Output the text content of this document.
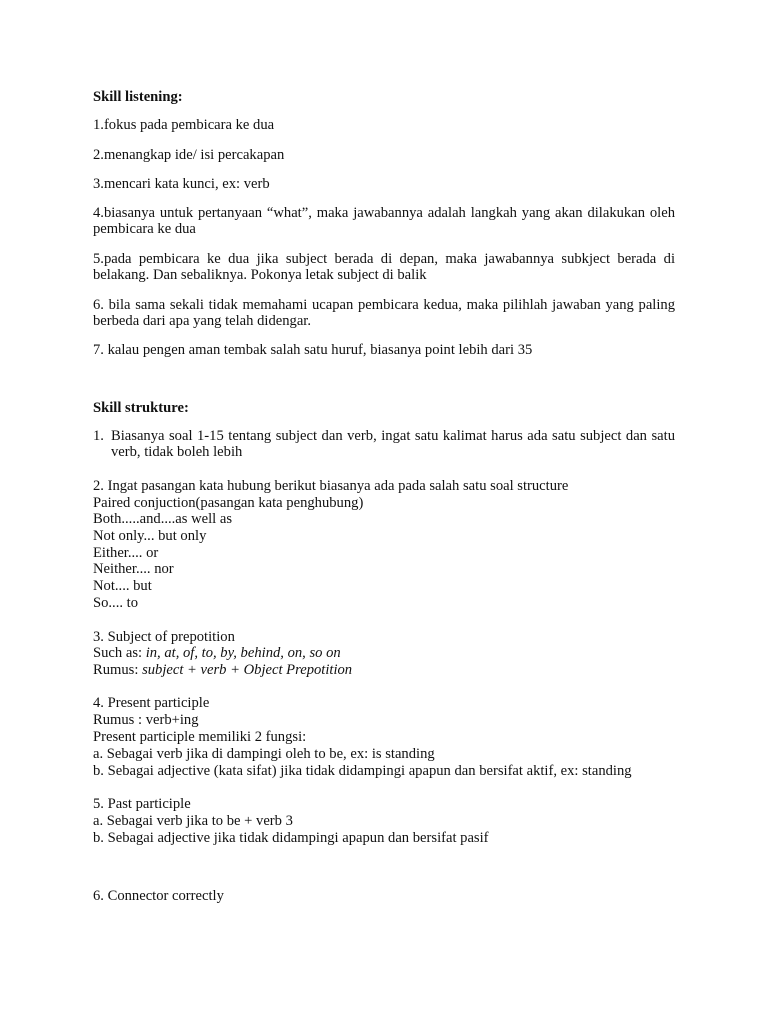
Skill listening:
1.fokus pada pembicara ke dua
2.menangkap ide/ isi percakapan
3.mencari kata kunci, ex: verb
4.biasanya untuk pertanyaan “what”, maka jawabannya adalah langkah yang akan dilakukan oleh pembicara ke dua
5.pada pembicara ke dua jika subject berada di depan, maka jawabannya subkject berada di belakang. Dan sebaliknya. Pokonya letak subject di balik
6. bila sama sekali tidak memahami ucapan pembicara kedua, maka pilihlah jawaban yang paling berbeda dari apa yang telah didengar.
7. kalau pengen aman tembak salah satu huruf, biasanya point lebih dari 35
Skill strukture:
1. Biasanya soal 1-15 tentang subject dan verb, ingat satu kalimat harus ada satu subject dan satu verb, tidak boleh lebih
2. Ingat pasangan kata hubung berikut biasanya ada pada salah satu soal structure
Paired conjuction(pasangan kata penghubung)
Both.....and....as well as
Not only... but only
Either.... or
Neither.... nor
Not.... but
So.... to
3. Subject of prepotition
Such as: in, at, of, to, by, behind, on, so on
Rumus: subject + verb + Object Prepotition
4. Present participle
Rumus : verb+ing
Present participle memiliki 2 fungsi:
a. Sebagai verb jika di dampingi oleh to be, ex: is standing
b. Sebagai adjective (kata sifat) jika tidak didampingi apapun dan bersifat aktif, ex: standing
5. Past participle
a. Sebagai verb jika to be + verb 3
b. Sebagai adjective jika tidak didampingi apapun dan bersifat pasif
6. Connector correctly
